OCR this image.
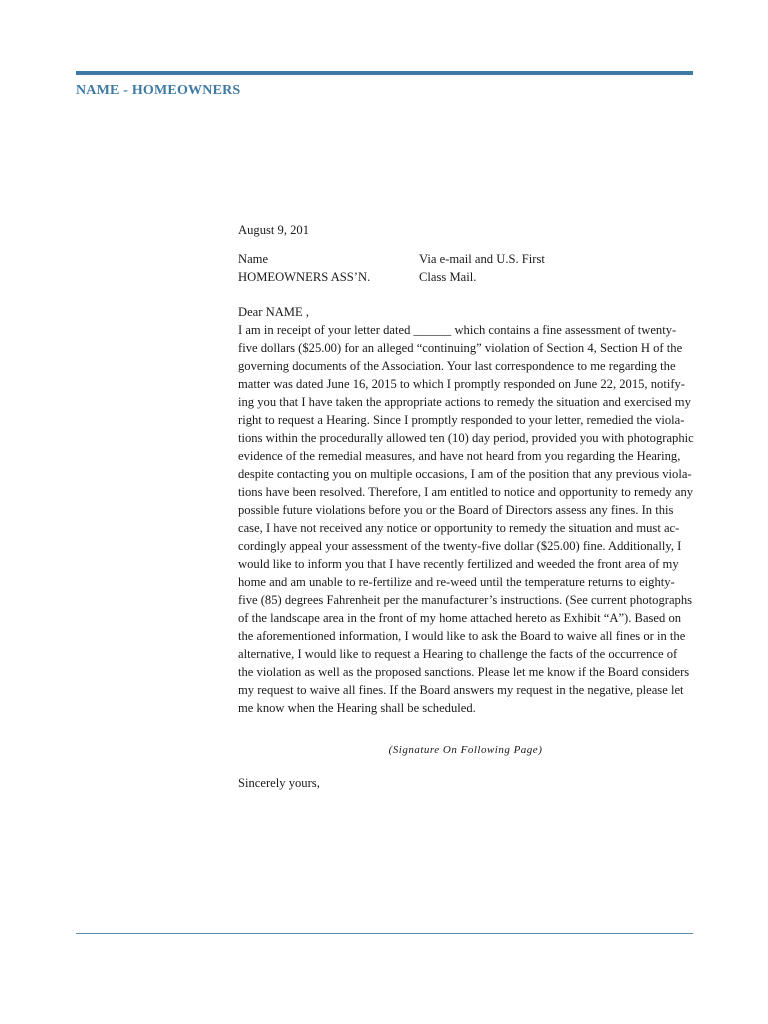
NAME - HOMEOWNERS
August 9, 201
Name
HOMEOWNERS ASS’N.
Via e-mail and U.S. First
Class Mail.
Dear NAME ,
I am in receipt of your letter dated ______ which contains a fine assessment of twenty-
five dollars ($25.00) for an alleged “continuing” violation of Section 4, Section H of the
governing documents of the Association. Your last correspondence to me regarding the
matter was dated June 16, 2015 to which I promptly responded on June 22, 2015, notify-
ing you that I have taken the appropriate actions to remedy the situation and exercised my
right to request a Hearing. Since I promptly responded to your letter, remedied the viola-
tions within the procedurally allowed ten (10) day period, provided you with photographic
evidence of the remedial measures, and have not heard from you regarding the Hearing,
despite contacting you on multiple occasions, I am of the position that any previous viola-
tions have been resolved. Therefore, I am entitled to notice and opportunity to remedy any
possible future violations before you or the Board of Directors assess any fines. In this
case, I have not received any notice or opportunity to remedy the situation and must ac-
cordingly appeal your assessment of the twenty-five dollar ($25.00) fine. Additionally, I
would like to inform you that I have recently fertilized and weeded the front area of my
home and am unable to re-fertilize and re-weed until the temperature returns to eighty-
five (85) degrees Fahrenheit per the manufacturer’s instructions. (See current photographs
of the landscape area in the front of my home attached hereto as Exhibit “A”). Based on
the aforementioned information, I would like to ask the Board to waive all fines or in the
alternative, I would like to request a Hearing to challenge the facts of the occurrence of
the violation as well as the proposed sanctions. Please let me know if the Board considers
my request to waive all fines. If the Board answers my request in the negative, please let
me know when the Hearing shall be scheduled.
(Signature On Following Page)
Sincerely yours,
